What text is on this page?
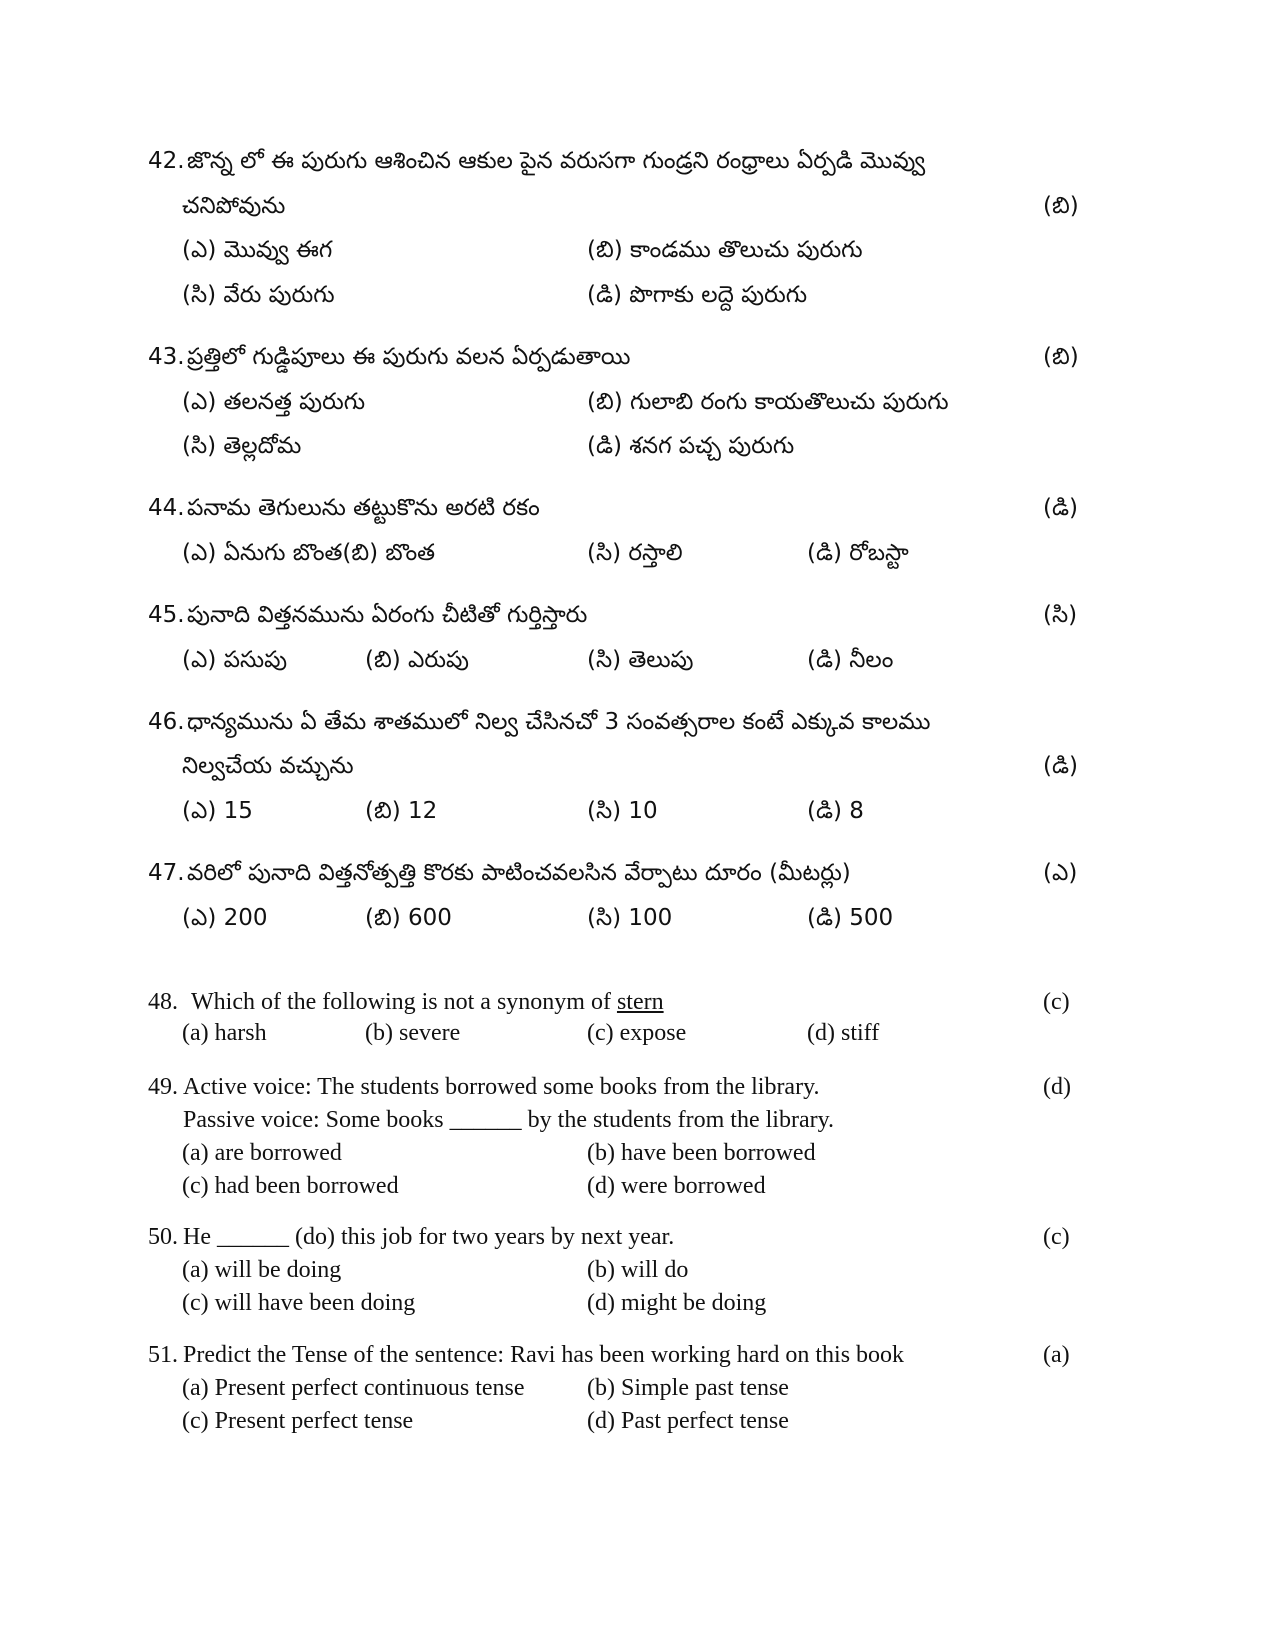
42. జొన్న లో ఈ పురుగు ఆశించిన ఆకుల పైన వరుసగా గుండ్రని రంధ్రాలు ఏర్పడి మొవ్వు
చనిపోవును	(బి)
(ఎ) మొవ్వు ఈగ	(బి) కాండము తొలుచు పురుగు
(సి) వేరు పురుగు	(డి) పొగాకు లద్దె పురుగు
43. ప్రత్తిలో గుడ్డిపూలు ఈ పురుగు వలన ఏర్పడుతాయి	(బి)
(ఎ) తలనత్త పురుగు	(బి) గులాబి రంగు కాయతొలుచు పురుగు
(సి) తెల్లదోమ	(డి) శనగ పచ్చ పురుగు
44. పనామ తెగులును తట్టుకొను అరటి రకం	(డి)
(ఎ) ఏనుగు బొంత(బి) బొంత	(సి) రస్తాలి	(డి) రోబస్టా
45. పునాది విత్తనమును ఏరంగు చీటితో గుర్తిస్తారు	(సి)
(ఎ) పసుపు	(బి) ఎరుపు	(సి) తెలుపు	(డి) నీలం
46. ధాన్యమును ఏ తేమ శాతములో నిల్వ చేసినచో 3 సంవత్సరాల కంటే ఎక్కువ కాలము
నిల్వచేయ వచ్చును	(డి)
(ఎ) 15	(బి) 12	(సి) 10	(డి) 8
47. వరిలో పునాది విత్తనోత్పత్తి కొరకు పాటించవలసిన వేర్పాటు దూరం (మీటర్లు)	(ఎ)
(ఎ) 200	(బి) 600	(సి) 100	(డి) 500
48. Which of the following is not a synonym of stern	(c)
(a) harsh	(b) severe	(c) expose	(d) stiff
49. Active voice: The students borrowed some books from the library.
Passive voice: Some books ______ by the students from the library.
(d)
(a) are borrowed	(b) have been borrowed
(c) had been borrowed	(d) were borrowed
50. He ______ (do) this job for two years by next year.	(c)
(a) will be doing	(b) will do
(c) will have been doing	(d) might be doing
51. Predict the Tense of the sentence: Ravi has been working hard on this book	(a)
(a) Present perfect continuous tense	(b) Simple past tense
(c) Present perfect tense	(d) Past perfect tense
